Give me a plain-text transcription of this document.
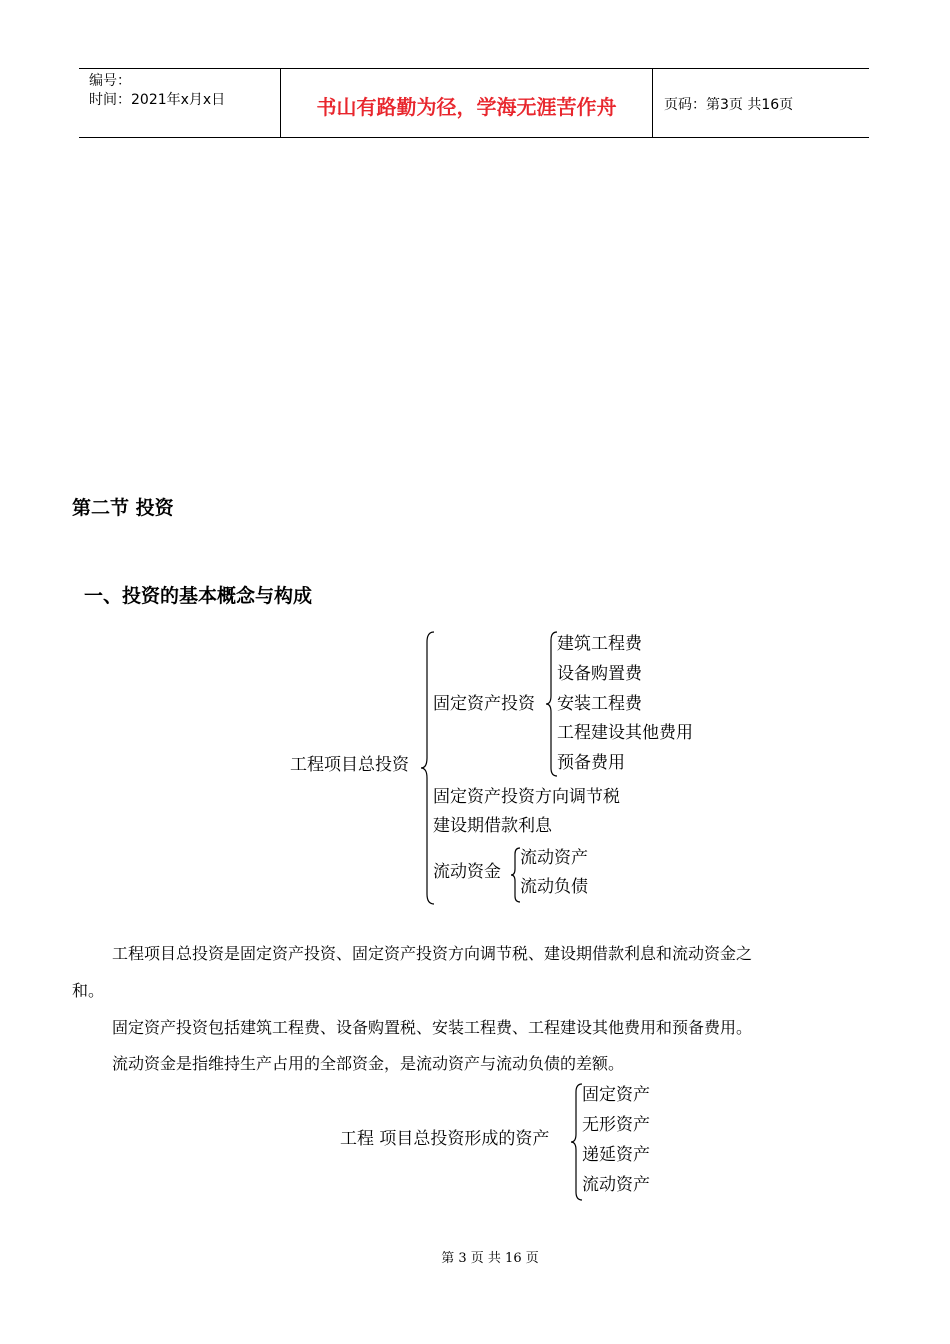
编号：
时间：2021年x月x日	书山有路勤为径，学海无涯苦作舟	页码：第3页 共16页
第二节 投资
一、投资的基本概念与构成
工程项目总投资
固定资产投资
建筑工程费
设备购置费
安装工程费
工程建设其他费用
预备费用
固定资产投资方向调节税
建设期借款利息
流动资金
流动资产
流动负债
工程项目总投资是固定资产投资、固定资产投资方向调节税、建设期借款利息和流动资金之
和。
固定资产投资包括建筑工程费、设备购置税、安装工程费、工程建设其他费用和预备费用。
流动资金是指维持生产占用的全部资金，是流动资产与流动负债的差额。
工程 项目总投资形成的资产
固定资产
无形资产
递延资产
流动资产
第 3 页 共 16 页
